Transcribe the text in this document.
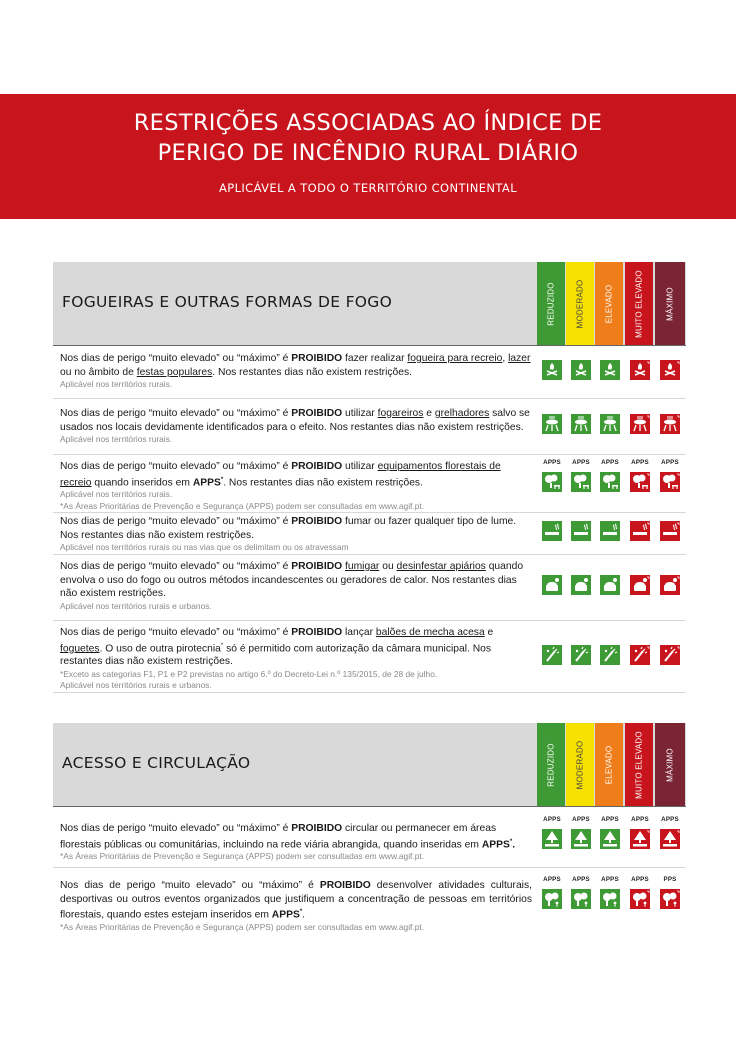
RESTRIÇÕES ASSOCIADAS AO ÍNDICE DE
PERIGO DE INCÊNDIO RURAL DIÁRIO
APLICÁVEL A TODO O TERRITÓRIO CONTINENTAL
FOGUEIRAS E OUTRAS FORMAS DE FOGO	REDUZIDO	MODERADO	ELEVADO	MUITO ELEVADO	MÁXIMO

Nos dias de perigo “muito elevado” ou “máximo” é PROIBIDO fazer realizar fogueira para recreio, lazer ou no âmbito de festas populares. Nos restantes dias não existem restrições.

Aplicável nos territórios rurais.

Nos dias de perigo “muito elevado” ou “máximo” é PROIBIDO utilizar fogareiros e grelhadores salvo se usados nos locais devidamente identificados para o efeito. Nos restantes dias não existem restrições.

Aplicável nos territórios rurais.

Nos dias de perigo “muito elevado” ou “máximo” é PROIBIDO utilizar equipamentos florestais de recreio quando inseridos em APPS*. Nos restantes dias não existem restrições.

Aplicável nos territórios rurais.

*As Áreas Prioritárias de Prevenção e Segurança (APPS) podem ser consultadas em www.agif.pt.

APPS	APPS	APPS	APPS	APPS

Nos dias de perigo “muito elevado” ou “máximo” é PROIBIDO fumar ou fazer qualquer tipo de lume. Nos restantes dias não existem restrições.

Aplicável nos territórios rurais ou nas vias que os delimitam ou os atravessam

Nos dias de perigo “muito elevado” ou “máximo” é PROIBIDO fumigar ou desinfestar apiários quando envolva o uso do fogo ou outros métodos incandescentes ou geradores de calor. Nos restantes dias não existem restrições.

Aplicável nos territórios rurais e urbanos.

Nos dias de perigo “muito elevado” ou “máximo” é PROIBIDO lançar balões de mecha acesa e foguetes. O uso de outra pirotecnia* só é permitido com autorização da câmara municipal. Nos restantes dias não existem restrições.

*Exceto as categorias F1, P1 e P2 previstas no artigo 6.º do Decreto-Lei n.º 135/2015, de 28 de julho.

Aplicável nos territórios rurais e urbanos.

ACESSO E CIRCULAÇÃO	REDUZIDO	MODERADO	ELEVADO	MUITO ELEVADO	MÁXIMO

Nos dias de perigo “muito elevado” ou “máximo” é PROIBIDO circular ou permanecer em áreas florestais públicas ou comunitárias, incluindo na rede viária abrangida, quando inseridas em APPS*.

*As Áreas Prioritárias de Prevenção e Segurança (APPS) podem ser consultadas em www.agif.pt.

APPS	APPS	APPS	APPS	APPS

Nos dias de perigo “muito elevado” ou “máximo” é PROIBIDO desenvolver atividades culturais, desportivas ou outros eventos organizados que justifiquem a concentração de pessoas em territórios florestais, quando estes estejam inseridos em APPS*.

*As Áreas Prioritárias de Prevenção e Segurança (APPS) podem ser consultadas em www.agif.pt.

APPS	APPS	APPS	APPS	PPS
